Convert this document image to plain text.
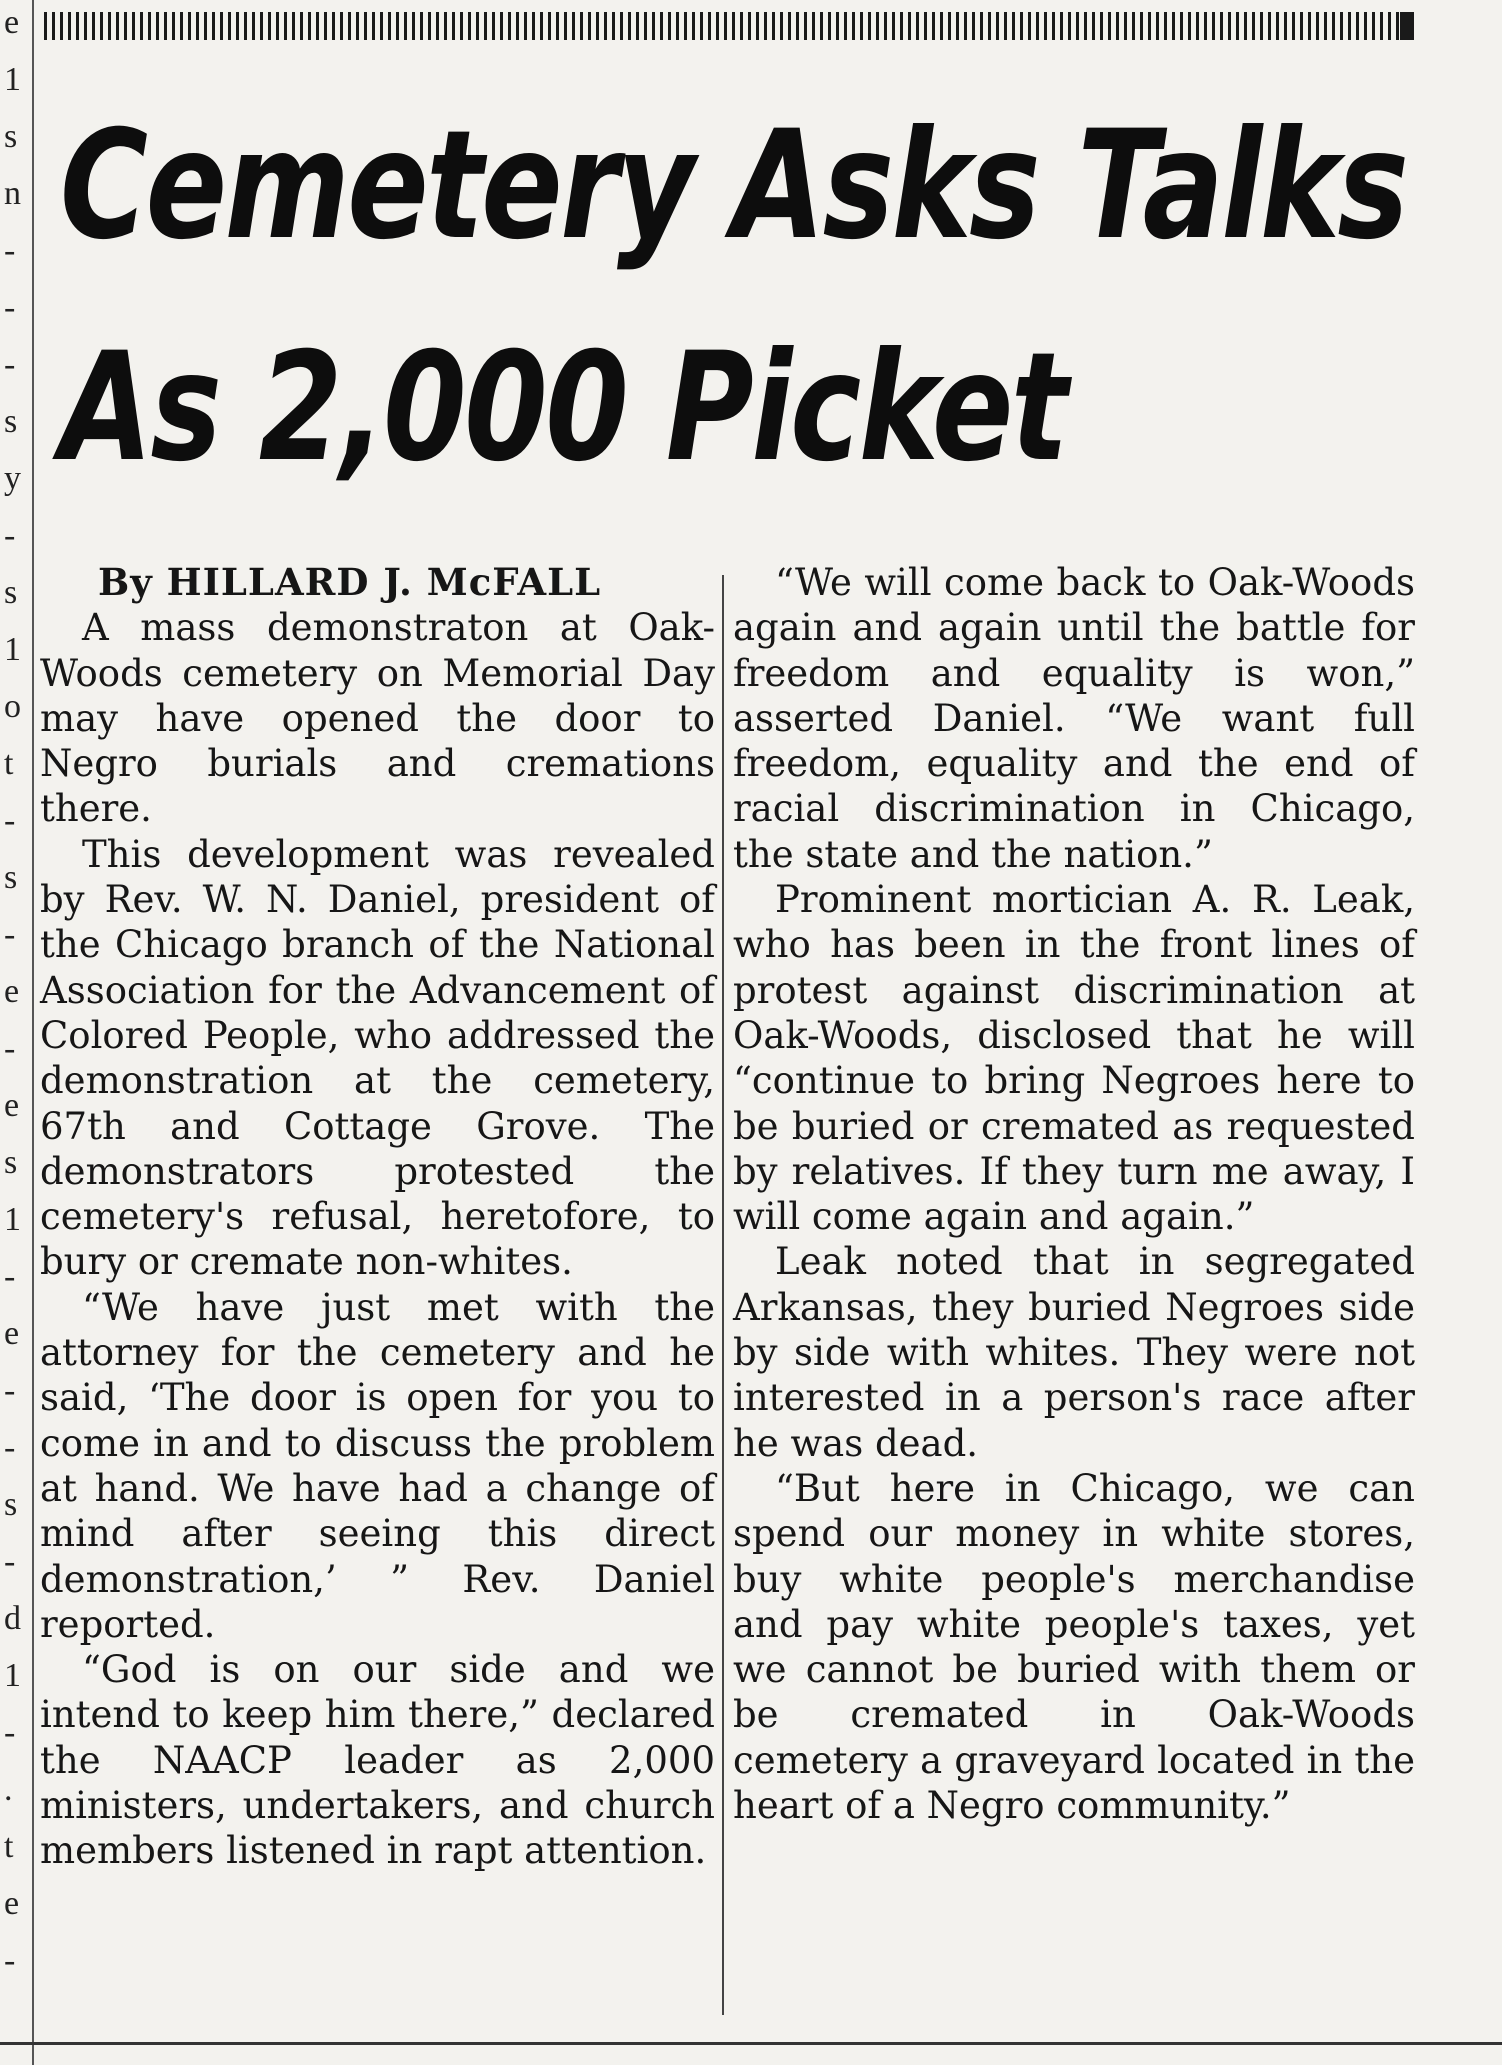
e
1
s
n
-
-
-
s
y
-
s
1
o
t
-
s
-
e
-
e
s
1
-
e
-
-
s
-
d
1
-
.
t
e
-
Cemetery Asks Talks
As 2,000 Picket
By HILLARD J. McFALL

A mass demonstraton at Oak-Woods cemetery on Memorial Day may have opened the door to Negro burials and cremations there.

This development was revealed by Rev. W. N. Daniel, president of the Chicago branch of the National Association for the Advancement of Colored People, who addressed the demonstration at the cemetery, 67th and Cottage Grove. The demonstrators protested the cemetery's refusal, heretofore, to bury or cremate non-whites.

“We have just met with the attorney for the cemetery and he said, ‘The door is open for you to come in and to discuss the problem at hand. We have had a change of mind after seeing this direct demonstration,’ ” Rev. Daniel reported.

“God is on our side and we intend to keep him there,” declared the NAACP leader as 2,000 ministers, undertakers, and church members listened in rapt attention.

“We will come back to Oak-Woods again and again until the battle for freedom and equality is won,” asserted Daniel. “We want full freedom, equality and the end of racial discrimination in Chicago, the state and the nation.”

Prominent mortician A. R. Leak, who has been in the front lines of protest against discrimination at Oak-Woods, disclosed that he will “continue to bring Negroes here to be buried or cremated as requested by relatives. If they turn me away, I will come again and again.”

Leak noted that in segregated Arkansas, they buried Negroes side by side with whites. They were not interested in a person's race after he was dead.

“But here in Chicago, we can spend our money in white stores, buy white people's merchandise and pay white people's taxes, yet we cannot be buried with them or be cremated in Oak-Woods cemetery a graveyard located in the heart of a Negro community.”
